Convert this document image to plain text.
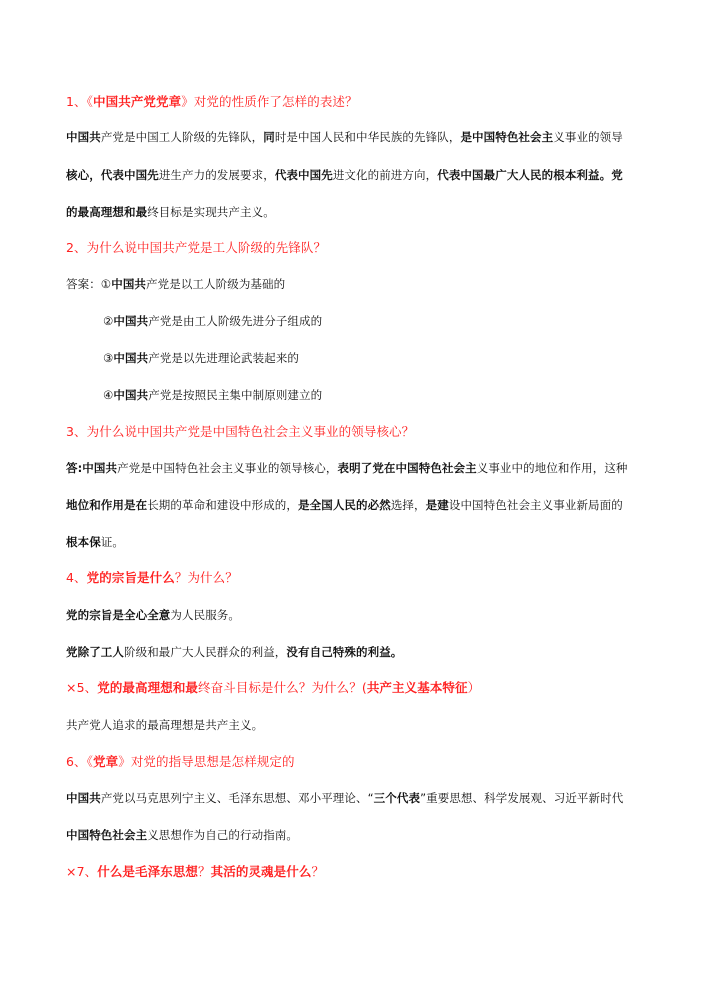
1、《中国共产党党章》对党的性质作了怎样的表述？
中国共产党是中国工人阶级的先锋队，同时是中国人民和中华民族的先锋队，是中国特色社会主义事业的领导
核心，代表中国先进生产力的发展要求，代表中国先进文化的前进方向，代表中国最广大人民的根本利益。党
的最高理想和最终目标是实现共产主义。
2、为什么说中国共产党是工人阶级的先锋队？
答案：①中国共产党是以工人阶级为基础的
②中国共产党是由工人阶级先进分子组成的
③中国共产党是以先进理论武装起来的
④中国共产党是按照民主集中制原则建立的
3、为什么说中国共产党是中国特色社会主义事业的领导核心？
答:中国共产党是中国特色社会主义事业的领导核心，表明了党在中国特色社会主义事业中的地位和作用，这种
地位和作用是在长期的革命和建设中形成的，是全国人民的必然选择，是建设中国特色社会主义事业新局面的
根本保证。
4、党的宗旨是什么？为什么？
党的宗旨是全心全意为人民服务。
党除了工人阶级和最广大人民群众的利益，没有自己特殊的利益。
×5、党的最高理想和最终奋斗目标是什么？为什么？(共产主义基本特征）
共产党人追求的最高理想是共产主义。
6、《党章》对党的指导思想是怎样规定的
中国共产党以马克思列宁主义、毛泽东思想、邓小平理论、“三个代表”重要思想、科学发展观、习近平新时代
中国特色社会主义思想作为自己的行动指南。
×7、什么是毛泽东思想？其活的灵魂是什么？
